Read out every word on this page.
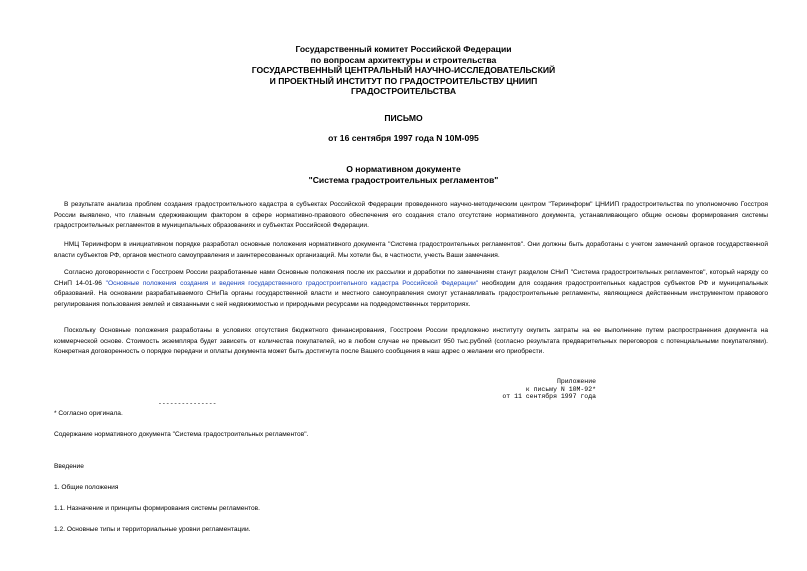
Государственный комитет Российской Федерации
по вопросам архитектуры и строительства
ГОСУДАРСТВЕННЫЙ ЦЕНТРАЛЬНЫЙ НАУЧНО-ИССЛЕДОВАТЕЛЬСКИЙ
И ПРОЕКТНЫЙ ИНСТИТУТ ПО ГРАДОСТРОИТЕЛЬСТВУ ЦНИИП
ГРАДОСТРОИТЕЛЬСТВА
ПИСЬМО
от 16 сентября 1997 года N 10М-095
О нормативном документе
"Система градостроительных регламентов"

В результате анализа проблем создания градостроительного кадастра в субъектах Российской Федерации проведенного научно-методическим центром "Териинформ" ЦНИИП градостроительства по уполномочию Госстроя России выявлено, что главным сдерживающим фактором в сфере нормативно-правового обеспечения его создания стало отсутствие нормативного документа, устанавливающего общие основы формирования системы градостроительных регламентов в муниципальных образованиях и субъектах Российской Федерации.

НМЦ Териинформ в инициативном порядке разработал основные положения нормативного документа "Система градостроительных регламентов". Они должны быть доработаны с учетом замечаний органов государственной власти субъектов РФ, органов местного самоуправления и заинтересованных организаций. Мы хотели бы, в частности, учесть Ваши замечания.

Согласно договоренности с Госстроем России разработанные нами Основные положения после их рассылки и доработки по замечаниям станут разделом СНиП "Система градостроительных регламентов", который наряду со СНиП 14-01-96 "Основные положения создания и ведения государственного градостроительного кадастра Российской Федерации" необходим для создания градостроительных кадастров субъектов РФ и муниципальных образований. На основании разрабатываемого СНиПа органы государственной власти и местного самоуправления смогут устанавливать градостроительные регламенты, являющиеся действенным инструментом правового регулирования пользования землей и связанными с ней недвижимостью и природными ресурсами на подведомственных территориях.

Поскольку Основные положения разработаны в условиях отсутствия бюджетного финансирования, Госстроем России предложено институту окупить затраты на ее выполнение путем распространения документа на коммерческой основе. Стоимость экземпляра будет зависеть от количества покупателей, но в любом случае не превысит 950 тыс.рублей (согласно результата предварительных переговоров с потенциальными покупателями). Конкретная договоренность о порядке передачи и оплаты документа может быть достигнута после Вашего сообщения в наш адрес о желании его приобрести.

Приложение
к письму N 10М-92*
от 11 сентября 1997 года
---------------
* Согласно оригинала.
Содержание нормативного документа "Система градостроительных регламентов".
Введение
1. Общие положения
1.1. Назначение и принципы формирования системы регламентов.
1.2. Основные типы и территориальные уровни регламентации.
